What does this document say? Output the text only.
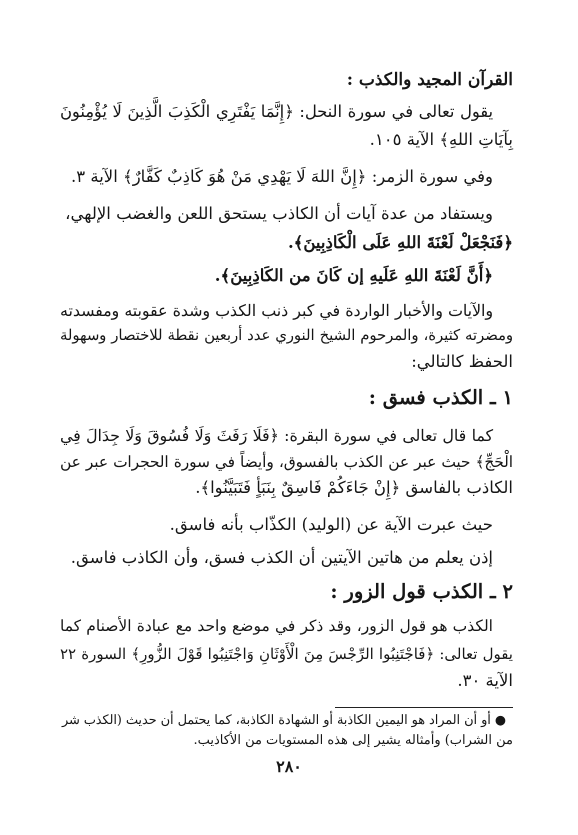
القرآن المجيد والكذب :
يقول تعالى في سورة النحل: ﴿إِنَّمَا يَفْتَرِي الْكَذِبَ الَّذِينَ لَا يُؤْمِنُونَ
بِآيَاتِ اللهِ﴾ الآية ١٠٥.
وفي سورة الزمر: ﴿إِنَّ اللهَ لَا يَهْدِي مَنْ هُوَ كَاذِبٌ كَفَّارٌ﴾ الآية ٣.
ويستفاد من عدة آيات أن الكاذب يستحق اللعن والغضب الإلهي،
﴿فَنَجْعَلْ لَعْنَةَ اللهِ عَلَى الْكَاذِبِينَ﴾.
﴿أَنَّ لَعْنَةَ اللهِ عَلَيهِ إن كَانَ من الكَاذِبِينَ﴾.
والآيات والأخبار الواردة في كبر ذنب الكذب وشدة عقوبته ومفسدته
ومضرته كثيرة، والمرحوم الشيخ النوري عدد أربعين نقطة للاختصار وسهولة
الحفظ كالتالي:
١ ـ الكذب فسق :
كما قال تعالى في سورة البقرة: ﴿فَلَا رَفَثَ وَلَا فُسُوقَ وَلَا جِدَالَ فِي
الْحَجِّ﴾ حيث عبر عن الكذب بالفسوق، وأيضاً في سورة الحجرات عبر عن
الكاذب بالفاسق ﴿إِنْ جَاءَكُمْ فَاسِقٌ بِنَبَأٍ فَتَبَيَّنُوا﴾.
حيث عبرت الآية عن (الوليد) الكذّاب بأنه فاسق.
إذن يعلم من هاتين الآيتين أن الكذب فسق، وأن الكاذب فاسق.
٢ ـ الكذب قول الزور :
الكذب هو قول الزور، وقد ذكر في موضع واحد مع عبادة الأصنام كما
يقول تعالى: ﴿فَاجْتَنِبُوا الرِّجْسَ مِنَ الْأَوْثَانِ وَاجْتَنِبُوا قَوْلَ الزُّورِ﴾ السورة ٢٢
الآية ٣٠.
● أو أن المراد هو اليمين الكاذبة أو الشهادة الكاذبة، كما يحتمل أن حديث (الكذب شر
من الشراب) وأمثاله يشير إلى هذه المستويات من الأكاذيب.
٢٨٠
